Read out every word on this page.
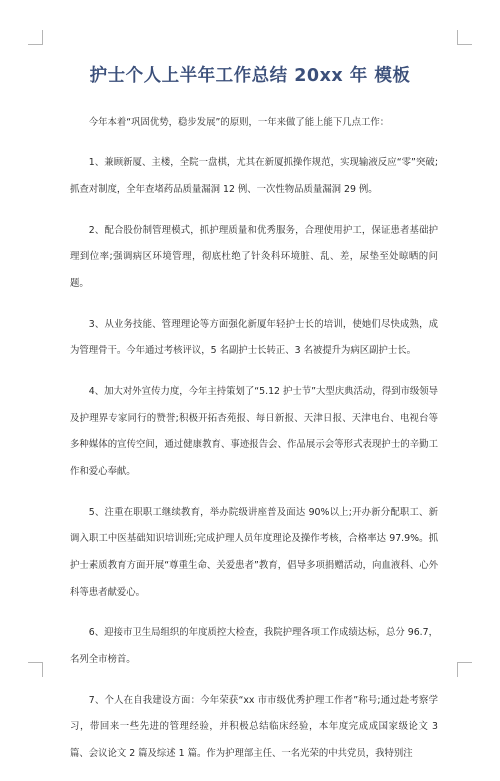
护士个人上半年工作总结 20xx 年 模板

今年本着“巩固优势，稳步发展”的原则，一年来做了能上能下几点工作：

1、兼顾新厦、主楼，全院一盘棋，尤其在新厦抓操作规范，实现输液反应“零”突破;抓查对制度，全年查堵药品质量漏洞 12 例、一次性物品质量漏洞 29 例。

2、配合股份制管理模式，抓护理质量和优秀服务，合理使用护工，保证患者基础护理到位率;强调病区环境管理，彻底杜绝了针灸科环境脏、乱、差，尿垫至处晾晒的问题。

3、从业务技能、管理理论等方面强化新厦年轻护士长的培训，使她们尽快成熟，成为管理骨干。今年通过考核评议，5 名副护士长转正、3 名被提升为病区副护士长。

4、加大对外宣传力度，今年主持策划了“5.12 护士节”大型庆典活动，得到市级领导及护理界专家同行的赞誉;积极开拓杏苑报、每日新报、天津日报、天津电台、电视台等多种媒体的宣传空间，通过健康教育、事迹报告会、作品展示会等形式表现护士的辛勤工作和爱心奉献。

5、注重在职职工继续教育，举办院级讲座普及面达 90%以上;开办新分配职工、新调入职工中医基础知识培训班;完成护理人员年度理论及操作考核，合格率达 97.9%。抓护士素质教育方面开展“尊重生命、关爱患者”教育，倡导多项捐赠活动，向血液科、心外科等患者献爱心。

6、迎接市卫生局组织的年度质控大检查，我院护理各项工作成绩达标，总分 96.7，名列全市榜首。

7、个人在自我建设方面：今年荣获“xx 市市级优秀护理工作者”称号;通过赴考察学习，带回来一些先进的管理经验，并积极总结临床经验，本年度完成成国家级论文 3 篇、会议论文 2 篇及综述 1 篇。作为护理部主任、一名光荣的中共党员，我特别注
